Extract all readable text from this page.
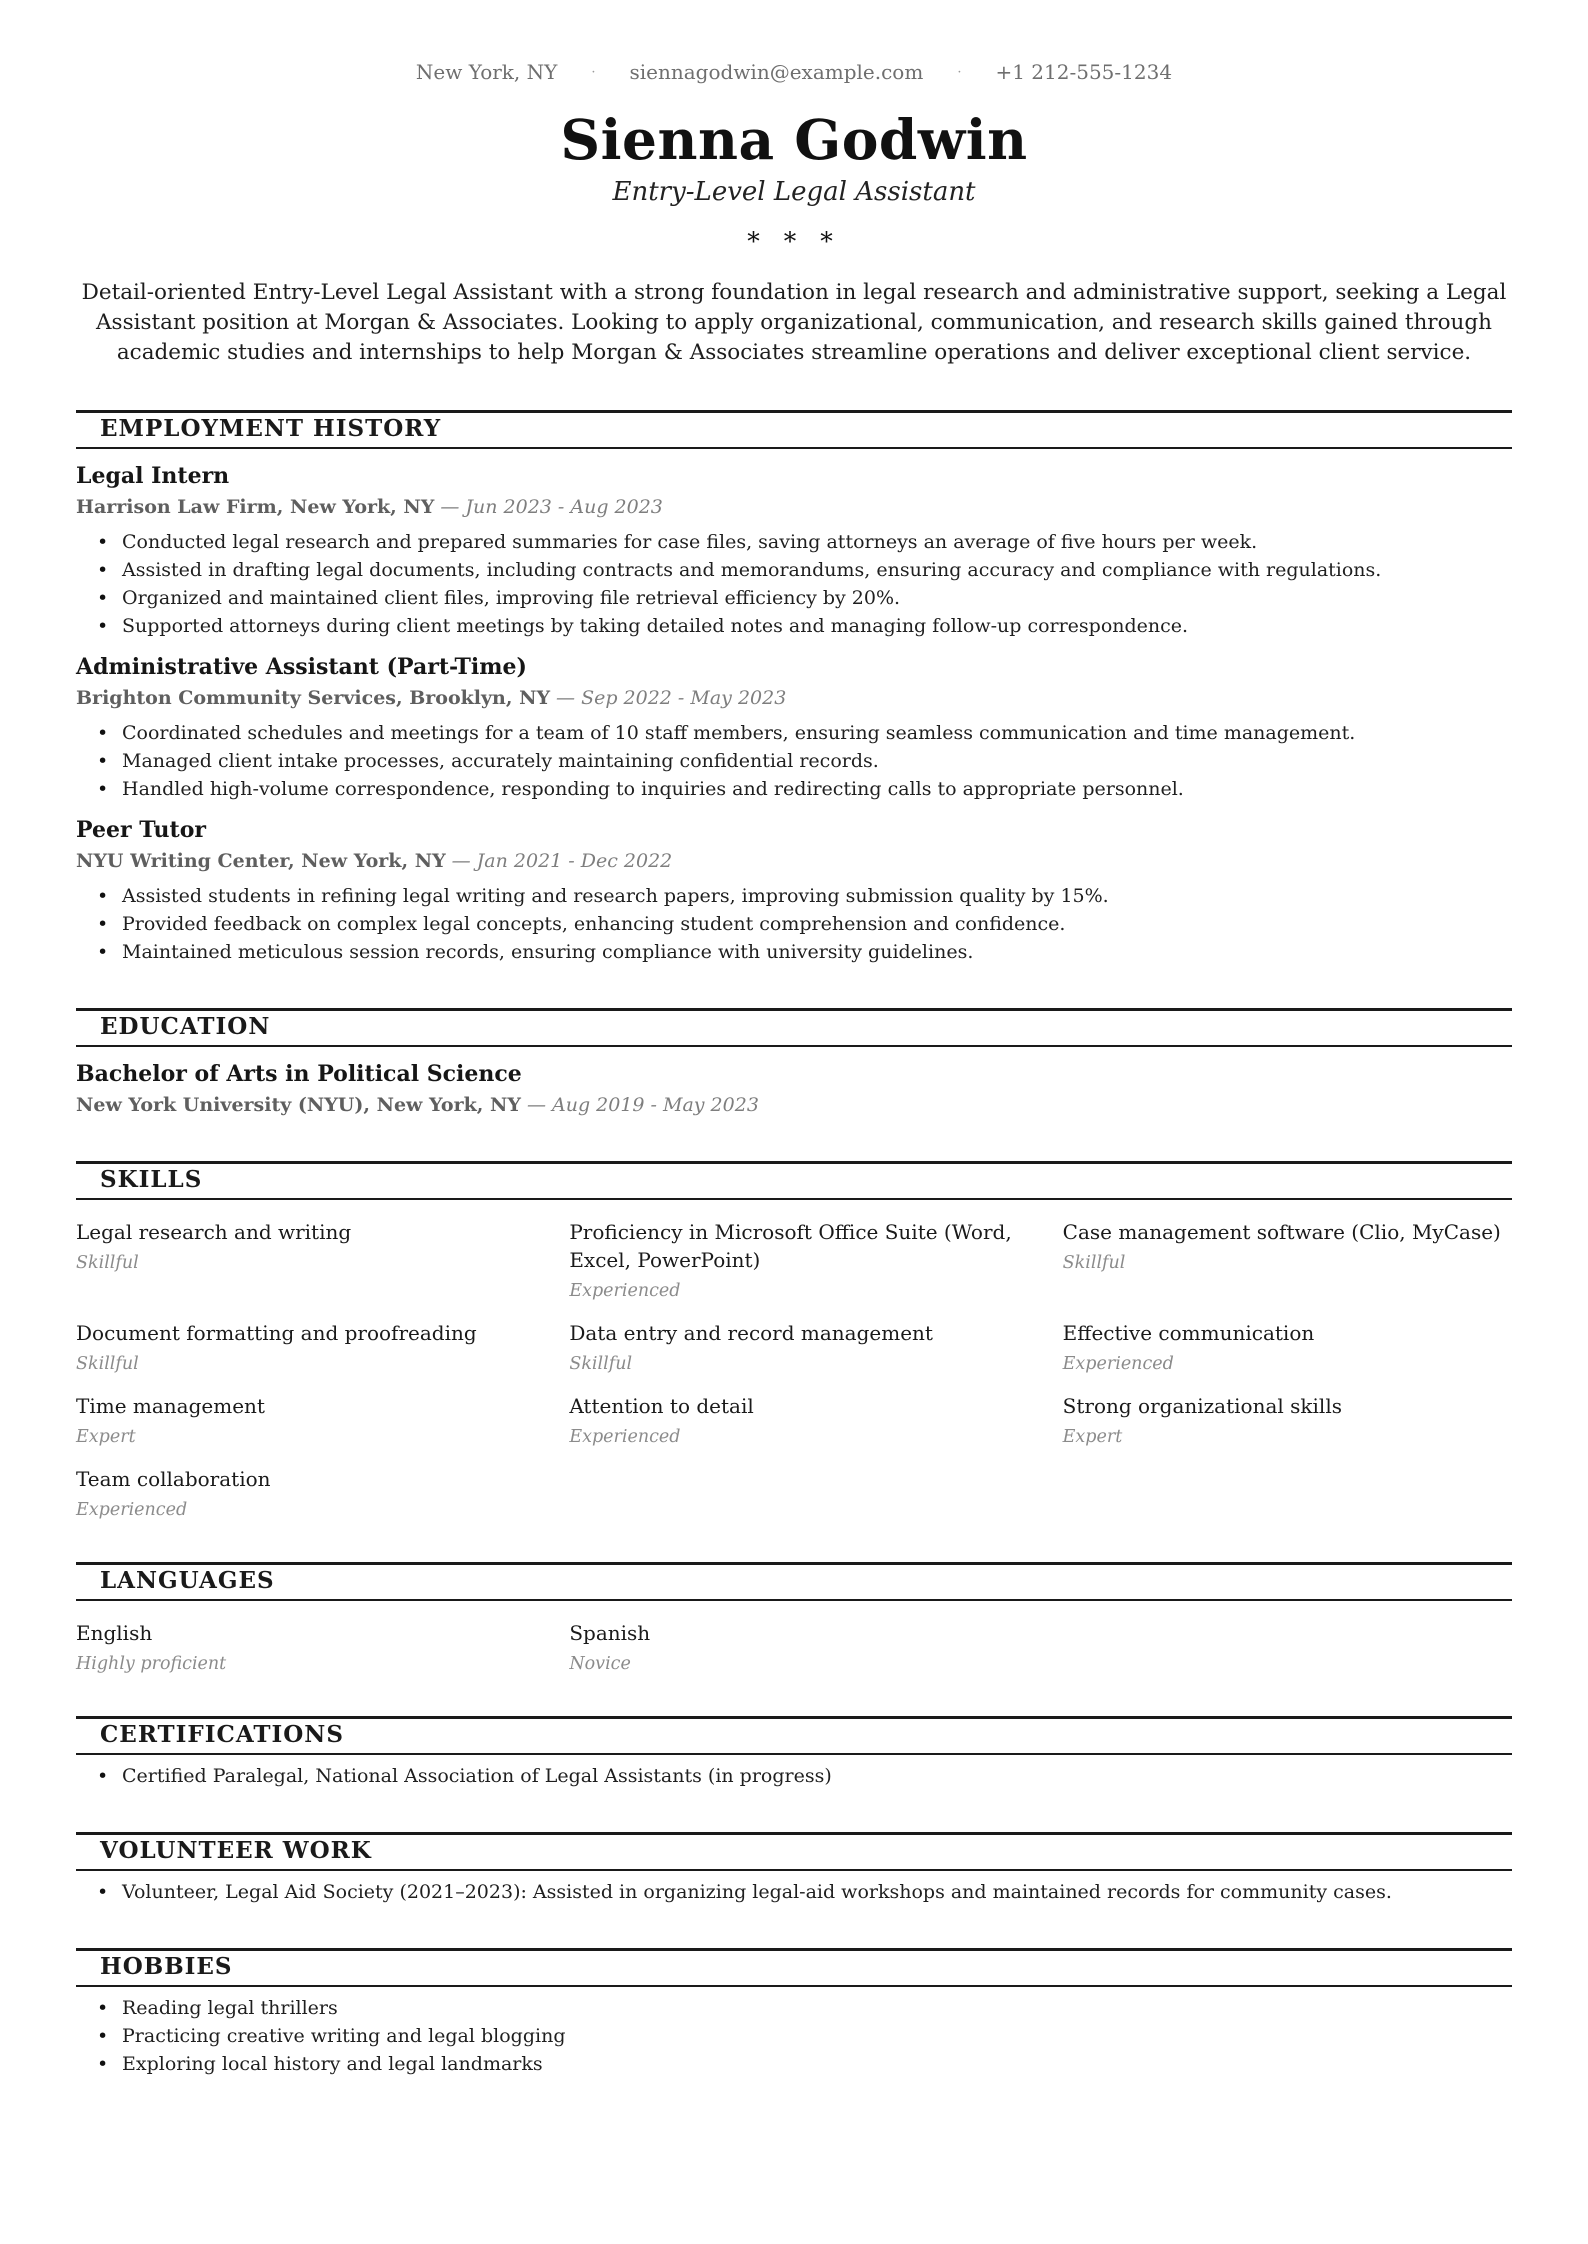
New York, NY	· siennagodwin@example.com	· +1 212-555-1234
Sienna Godwin
Entry-Level Legal Assistant
* * *

Detail-oriented Entry-Level Legal Assistant with a strong foundation in legal research and administrative support, seeking a Legal Assistant position at Morgan & Associates. Looking to apply organizational, communication, and research skills gained through academic studies and internships to help Morgan & Associates streamline operations and deliver exceptional client service.

EMPLOYMENT HISTORY
Legal Intern

Harrison Law Firm, New York, NY — Jun 2023 - Aug 2023

• Conducted legal research and prepared summaries for case files, saving attorneys an average of five hours per week.
• Assisted in drafting legal documents, including contracts and memorandums, ensuring accuracy and compliance with regulations.
• Organized and maintained client files, improving file retrieval efficiency by 20%.
• Supported attorneys during client meetings by taking detailed notes and managing follow-up correspondence.
Administrative Assistant (Part-Time)

Brighton Community Services, Brooklyn, NY — Sep 2022 - May 2023

• Coordinated schedules and meetings for a team of 10 staff members, ensuring seamless communication and time management.
• Managed client intake processes, accurately maintaining confidential records.
• Handled high-volume correspondence, responding to inquiries and redirecting calls to appropriate personnel.
Peer Tutor

NYU Writing Center, New York, NY — Jan 2021 - Dec 2022

• Assisted students in refining legal writing and research papers, improving submission quality by 15%.
• Provided feedback on complex legal concepts, enhancing student comprehension and confidence.
• Maintained meticulous session records, ensuring compliance with university guidelines.
EDUCATION
Bachelor of Arts in Political Science

New York University (NYU), New York, NY — Aug 2019 - May 2023

SKILLS
Legal research and writing
Skillful
Proficiency in Microsoft Office Suite (Word, Excel, PowerPoint)
Experienced
Case management software (Clio, MyCase)
Skillful
Document formatting and proofreading
Skillful
Data entry and record management
Skillful
Effective communication
Experienced
Time management
Expert
Attention to detail
Experienced
Strong organizational skills
Expert
Team collaboration
Experienced
LANGUAGES
English
Highly proficient
Spanish
Novice
CERTIFICATIONS
• Certified Paralegal, National Association of Legal Assistants (in progress)
VOLUNTEER WORK
• Volunteer, Legal Aid Society (2021–2023): Assisted in organizing legal-aid workshops and maintained records for community cases.
HOBBIES
• Reading legal thrillers
• Practicing creative writing and legal blogging
• Exploring local history and legal landmarks
